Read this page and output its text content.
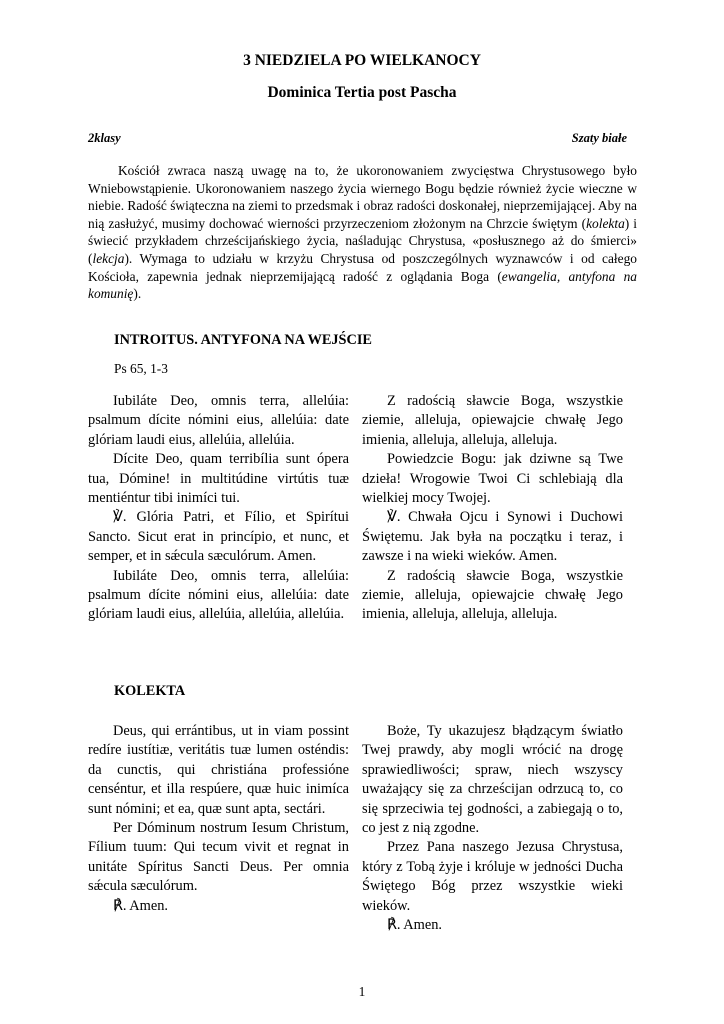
3 NIEDZIELA PO WIELKANOCY
Dominica Tertia post Pascha
2klasy	Szaty białe

Kościół zwraca naszą uwagę na to, że ukoronowaniem zwycięstwa Chrystusowego było Wniebowstąpienie. Ukoronowaniem naszego życia wiernego Bogu będzie również życie wieczne w niebie. Radość świąteczna na ziemi to przedsmak i obraz radości doskonałej, nieprzemijającej. Aby na nią zasłużyć, musimy dochować wierności przyrzeczeniom złożonym na Chrzcie świętym (kolekta) i świecić przykładem chrześcijańskiego życia, naśladując Chrystusa, «posłusznego aż do śmierci» (lekcja). Wymaga to udziału w krzyżu Chrystusa od poszczególnych wyznawców i od całego Kościoła, zapewnia jednak nieprzemijającą radość z oglądania Boga (ewangelia, antyfona na komunię).

INTROITUS. ANTYFONA NA WEJŚCIE
Ps 65, 1-3

Iubiláte Deo, omnis terra, allelúia: psalmum dícite nómini eius, allelúia: date glóriam laudi eius, allelúia, allelúia.

Dícite Deo, quam terribília sunt ópera tua, Dómine! in multitúdine virtútis tuæ mentiéntur tibi inimíci tui.

℣. Glória Patri, et Fílio, et Spirítui Sancto. Sicut erat in princípio, et nunc, et semper, et in sǽcula sæculórum. Amen.

Iubiláte Deo, omnis terra, allelúia: psalmum dícite nómini eius, allelúia: date glóriam laudi eius, allelúia, allelúia, allelúia.

Z radością sławcie Boga, wszystkie ziemie, alleluja, opiewajcie chwałę Jego imienia, alleluja, alleluja, alleluja.

Powiedzcie Bogu: jak dziwne są Twe dzieła! Wrogowie Twoi Ci schlebiają dla wielkiej mocy Twojej.

℣. Chwała Ojcu i Synowi i Duchowi Świętemu. Jak była na początku i teraz, i zawsze i na wieki wieków. Amen.

Z radością sławcie Boga, wszystkie ziemie, alleluja, opiewajcie chwałę Jego imienia, alleluja, alleluja, alleluja.

KOLEKTA

Deus, qui errántibus, ut in viam possint redíre iustítiæ, veritátis tuæ lumen osténdis: da cunctis, qui christiána professióne censéntur, et illa respúere, quæ huic inimíca sunt nómini; et ea, quæ sunt apta, sectári.

Per Dóminum nostrum Iesum Christum, Fílium tuum: Qui tecum vivit et regnat in unitáte Spíritus Sancti Deus. Per omnia sǽcula sæculórum.

℟. Amen.

Boże, Ty ukazujesz błądzącym światło Twej prawdy, aby mogli wrócić na drogę sprawiedliwości; spraw, niech wszyscy uważający się za chrześcijan odrzucą to, co się sprzeciwia tej godności, a zabiegają o to, co jest z nią zgodne.

Przez Pana naszego Jezusa Chrystusa, który z Tobą żyje i króluje w jedności Ducha Świętego Bóg przez wszystkie wieki wieków.

℟. Amen.

1
